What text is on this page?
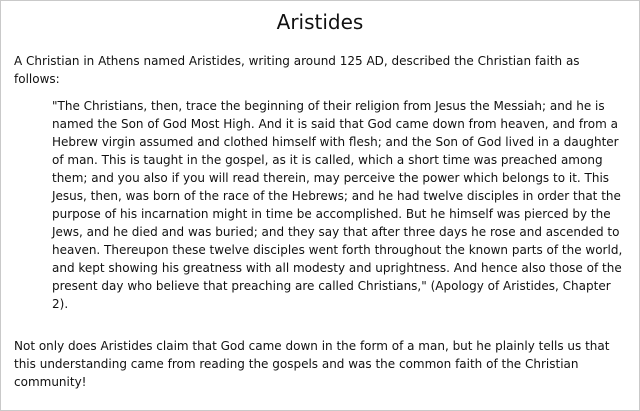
Aristides

A Christian in Athens named Aristides, writing around 125 AD, described the Christian faith as follows:

"The Christians, then, trace the beginning of their religion from Jesus the Messiah; and he is named the Son of God Most High. And it is said that God came down from heaven, and from a Hebrew virgin assumed and clothed himself with flesh; and the Son of God lived in a daughter of man. This is taught in the gospel, as it is called, which a short time was preached among them; and you also if you will read therein, may perceive the power which belongs to it. This Jesus, then, was born of the race of the Hebrews; and he had twelve disciples in order that the purpose of his incarnation might in time be accomplished. But he himself was pierced by the Jews, and he died and was buried; and they say that after three days he rose and ascended to heaven. Thereupon these twelve disciples went forth throughout the known parts of the world, and kept showing his greatness with all modesty and uprightness. And hence also those of the present day who believe that preaching are called Christians," (Apology of Aristides, Chapter 2).

Not only does Aristides claim that God came down in the form of a man, but he plainly tells us that this understanding came from reading the gospels and was the common faith of the Christian community!
